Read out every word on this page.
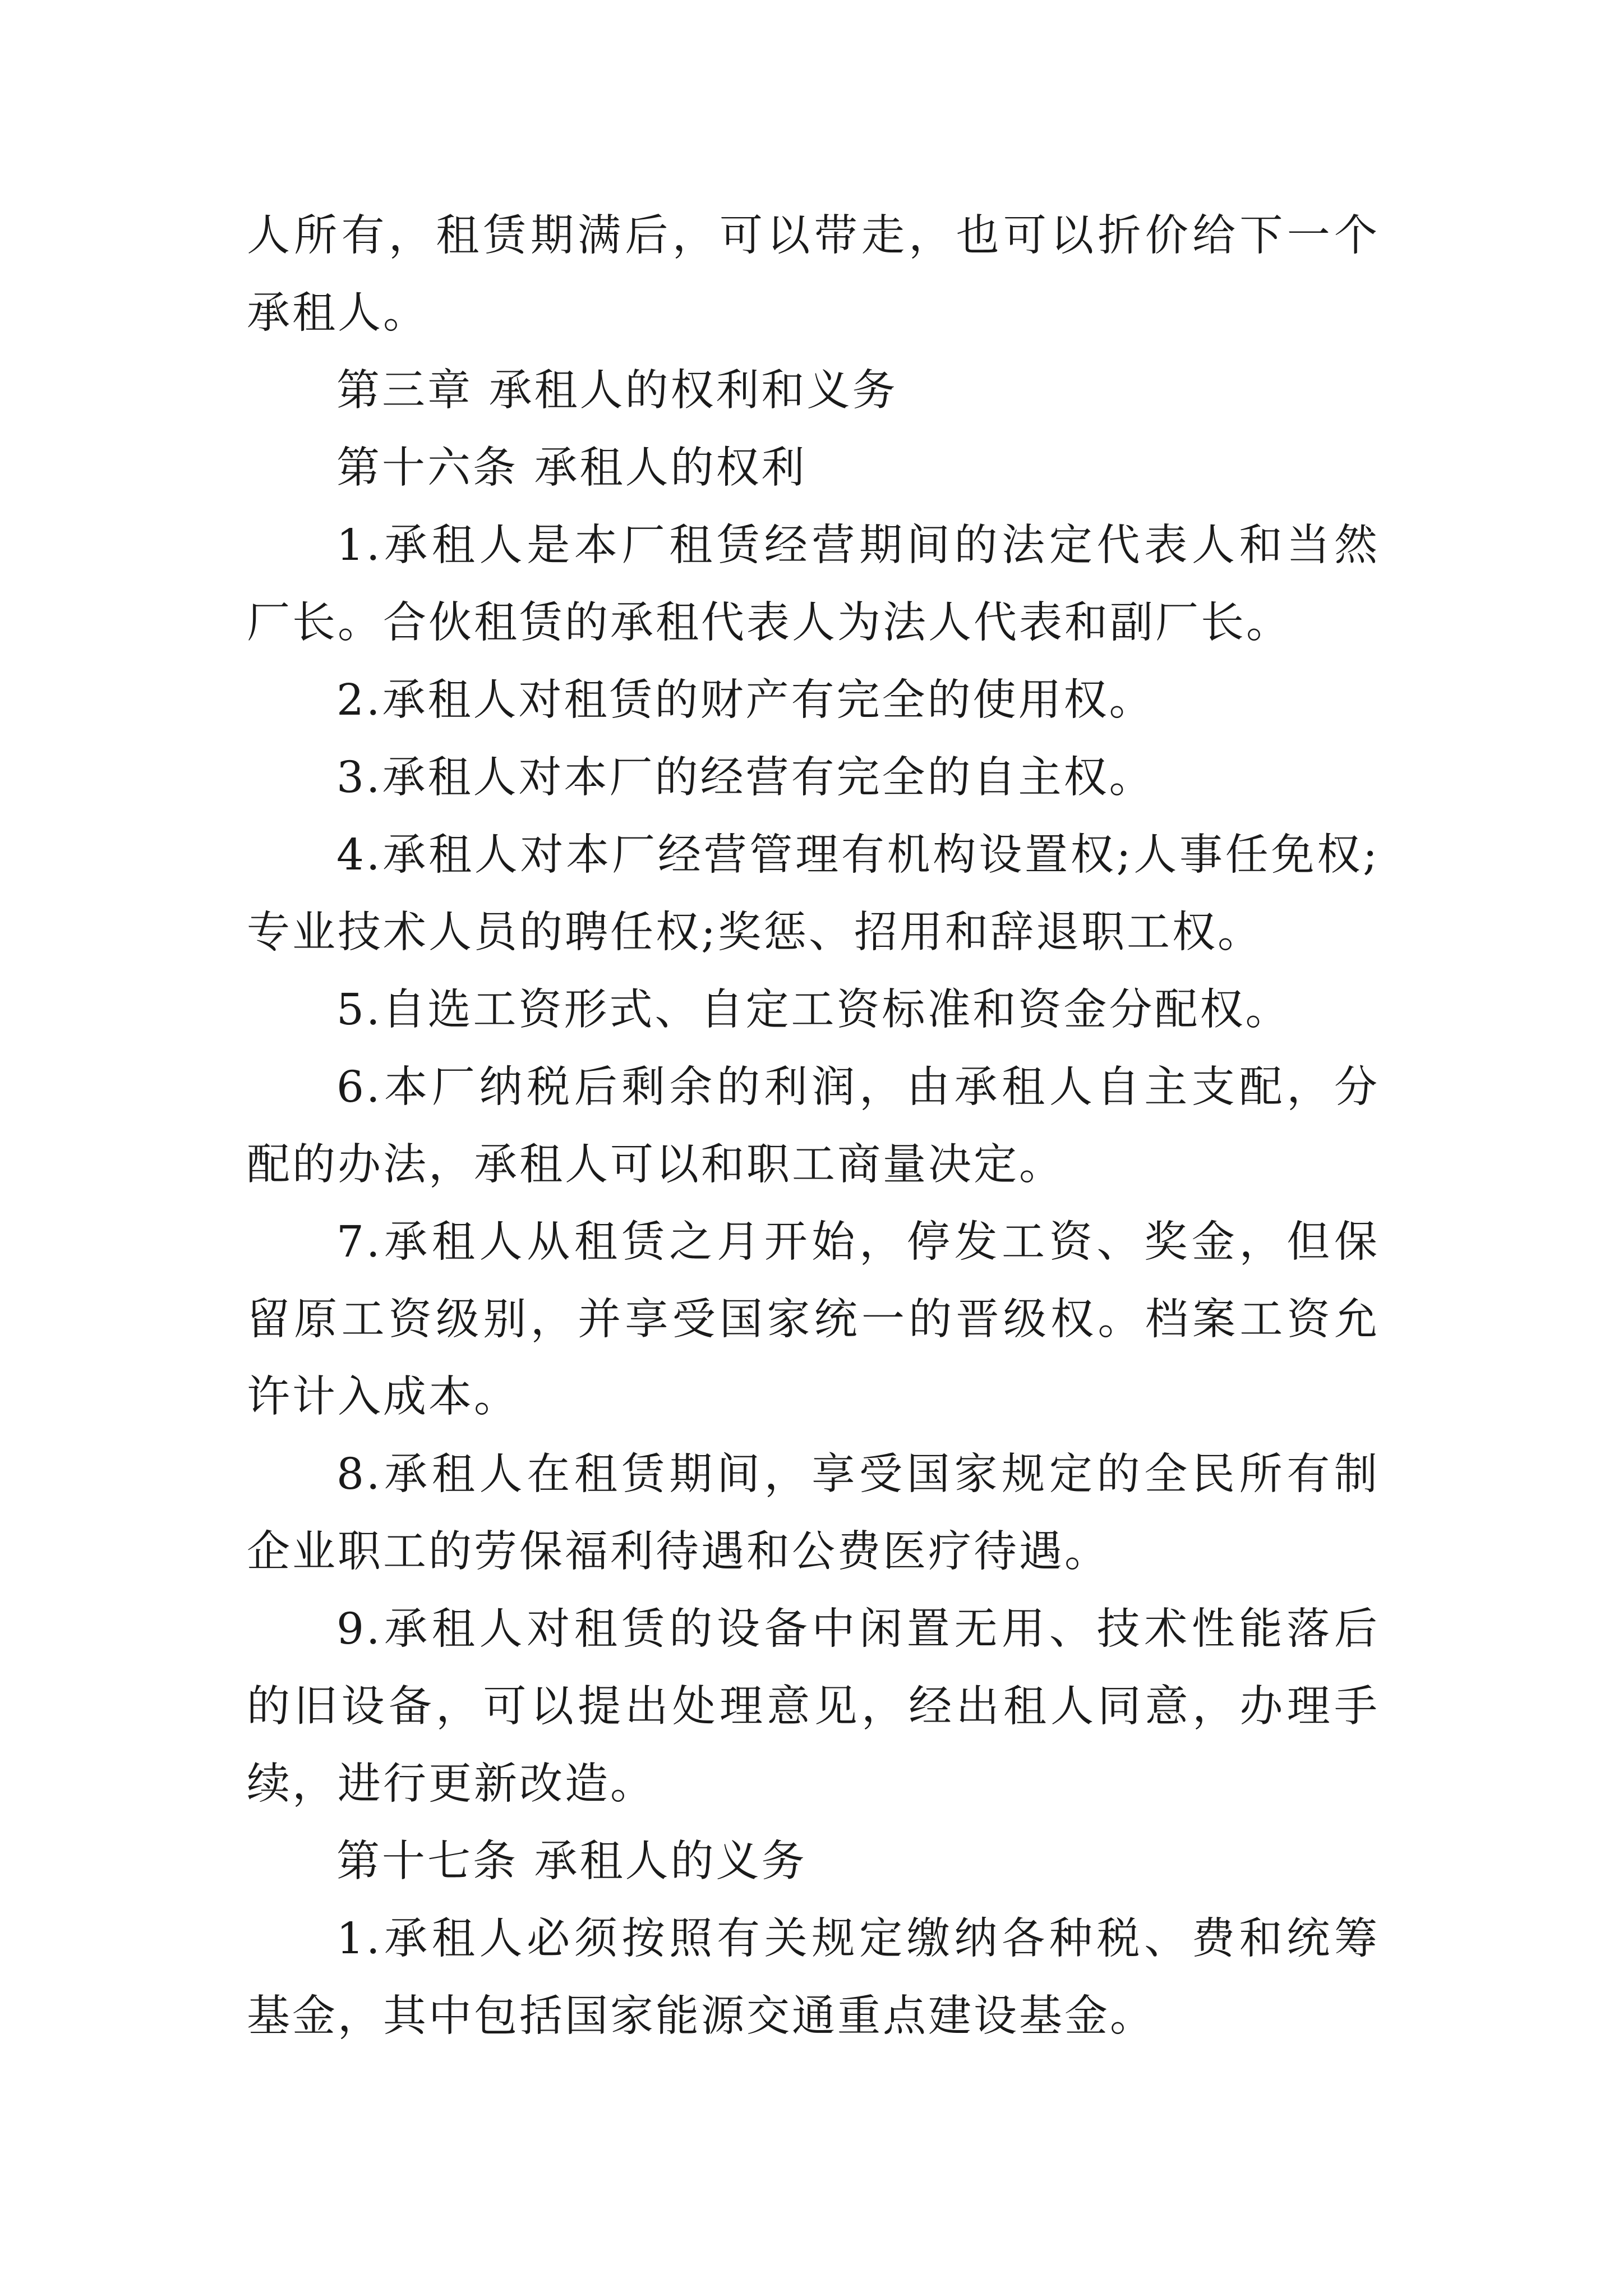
人所有，租赁期满后，可以带走，也可以折价给下一个承租人。

第三章 承租人的权利和义务

第十六条 承租人的权利

1.承租人是本厂租赁经营期间的法定代表人和当然厂长。合伙租赁的承租代表人为法人代表和副厂长。

2.承租人对租赁的财产有完全的使用权。

3.承租人对本厂的经营有完全的自主权。

4.承租人对本厂经营管理有机构设置权;人事任免权;专业技术人员的聘任权;奖惩、招用和辞退职工权。

5.自选工资形式、自定工资标准和资金分配权。

6.本厂纳税后剩余的利润，由承租人自主支配，分配的办法，承租人可以和职工商量决定。

7.承租人从租赁之月开始，停发工资、奖金，但保留原工资级别，并享受国家统一的晋级权。档案工资允许计入成本。

8.承租人在租赁期间，享受国家规定的全民所有制企业职工的劳保福利待遇和公费医疗待遇。

9.承租人对租赁的设备中闲置无用、技术性能落后的旧设备，可以提出处理意见，经出租人同意，办理手续，进行更新改造。

第十七条 承租人的义务

1.承租人必须按照有关规定缴纳各种税、费和统筹基金，其中包括国家能源交通重点建设基金。
